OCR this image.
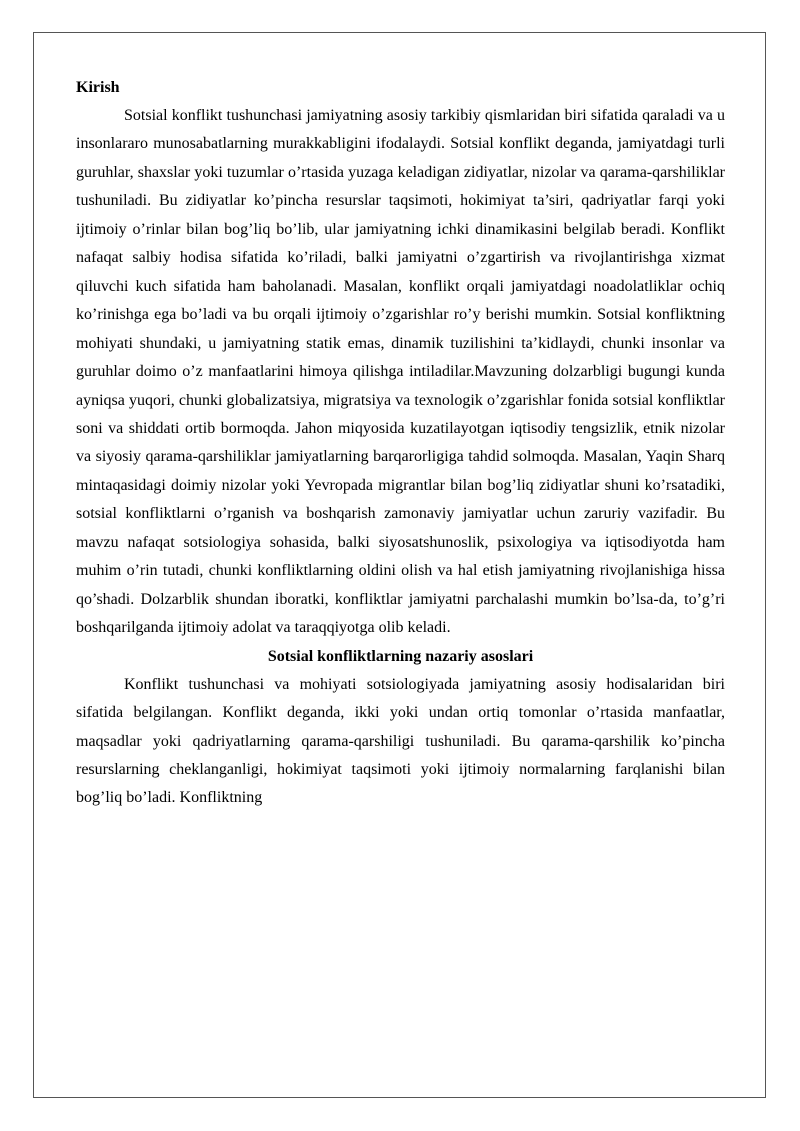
Kirish

Sotsial konflikt tushunchasi jamiyatning asosiy tarkibiy qismlaridan biri sifatida qaraladi va u insonlararo munosabatlarning murakkabligini ifodalaydi. Sotsial konflikt deganda, jamiyatdagi turli guruhlar, shaxslar yoki tuzumlar o’rtasida yuzaga keladigan zidiyatlar, nizolar va qarama-qarshiliklar tushuniladi. Bu zidiyatlar ko’pincha resurslar taqsimoti, hokimiyat ta’siri, qadriyatlar farqi yoki ijtimoiy o’rinlar bilan bog’liq bo’lib, ular jamiyatning ichki dinamikasini belgilab beradi. Konflikt nafaqat salbiy hodisa sifatida ko’riladi, balki jamiyatni o’zgartirish va rivojlantirishga xizmat qiluvchi kuch sifatida ham baholanadi. Masalan, konflikt orqali jamiyatdagi noadolatliklar ochiq ko’rinishga ega bo’ladi va bu orqali ijtimoiy o’zgarishlar ro’y berishi mumkin. Sotsial konfliktning mohiyati shundaki, u jamiyatning statik emas, dinamik tuzilishini ta’kidlaydi, chunki insonlar va guruhlar doimo o’z manfaatlarini himoya qilishga intiladilar.Mavzuning dolzarbligi bugungi kunda ayniqsa yuqori, chunki globalizatsiya, migratsiya va texnologik o’zgarishlar fonida sotsial konfliktlar soni va shiddati ortib bormoqda. Jahon miqyosida kuzatilayotgan iqtisodiy tengsizlik, etnik nizolar va siyosiy qarama-qarshiliklar jamiyatlarning barqarorligiga tahdid solmoqda. Masalan, Yaqin Sharq mintaqasidagi doimiy nizolar yoki Yevropada migrantlar bilan bog’liq zidiyatlar shuni ko’rsatadiki, sotsial konfliktlarni o’rganish va boshqarish zamonaviy jamiyatlar uchun zaruriy vazifadir. Bu mavzu nafaqat sotsiologiya sohasida, balki siyosatshunoslik, psixologiya va iqtisodiyotda ham muhim o’rin tutadi, chunki konfliktlarning oldini olish va hal etish jamiyatning rivojlanishiga hissa qo’shadi. Dolzarblik shundan iboratki, konfliktlar jamiyatni parchalashi mumkin bo’lsa-da, to’g’ri boshqarilganda ijtimoiy adolat va taraqqiyotga olib keladi.

Sotsial konfliktlarning nazariy asoslari

Konflikt tushunchasi va mohiyati sotsiologiyada jamiyatning asosiy hodisalaridan biri sifatida belgilangan. Konflikt deganda, ikki yoki undan ortiq tomonlar o’rtasida manfaatlar, maqsadlar yoki qadriyatlarning qarama-qarshiligi tushuniladi. Bu qarama-qarshilik ko’pincha resurslarning cheklanganligi, hokimiyat taqsimoti yoki ijtimoiy normalarning farqlanishi bilan bog’liq bo’ladi. Konfliktning
